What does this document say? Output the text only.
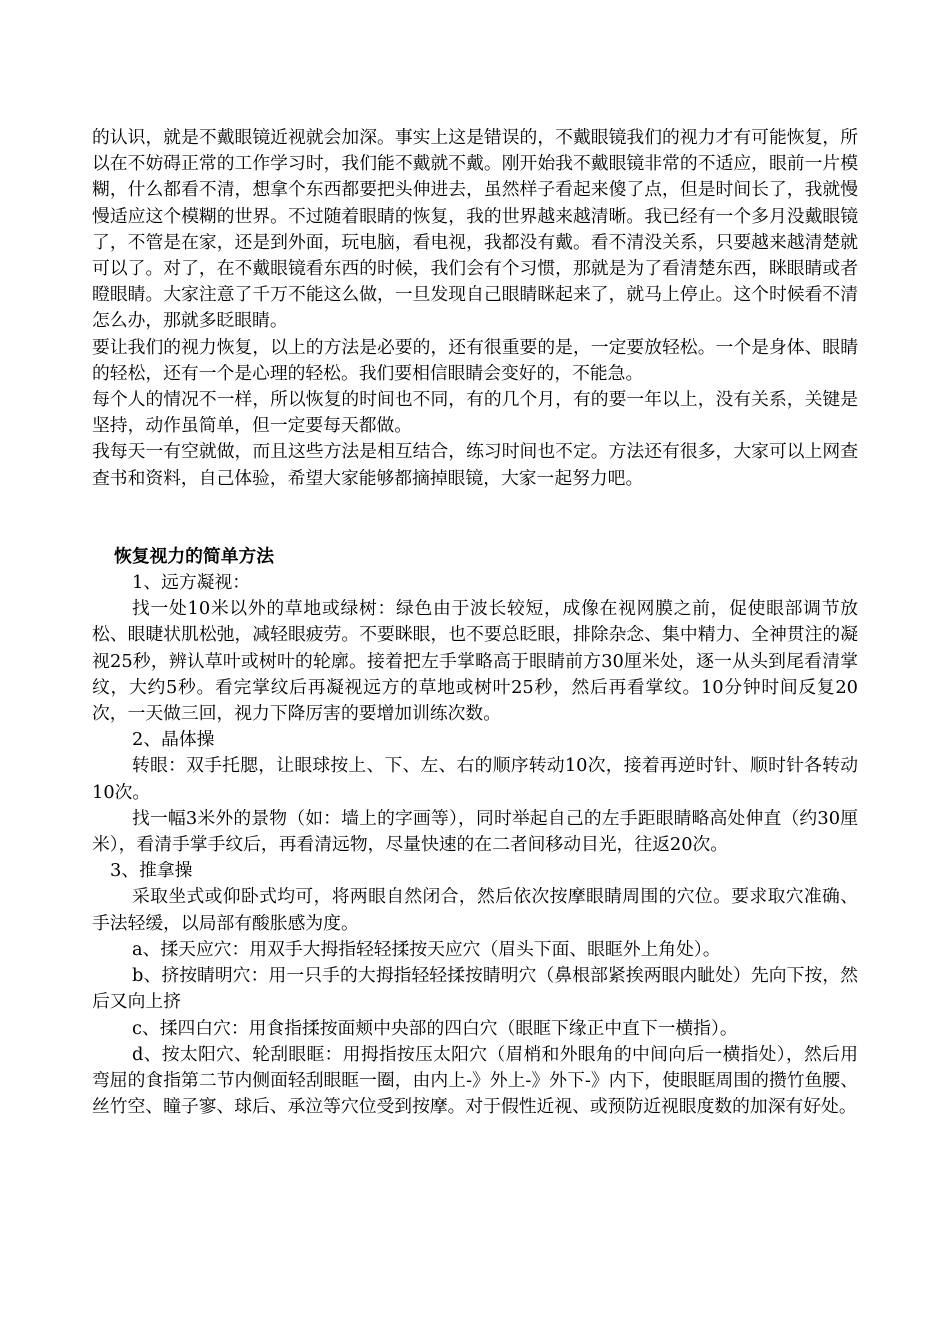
的认识，就是不戴眼镜近视就会加深。事实上这是错误的，不戴眼镜我们的视力才有可能恢复，所以在不妨碍正常的工作学习时，我们能不戴就不戴。刚开始我不戴眼镜非常的不适应，眼前一片模糊，什么都看不清，想拿个东西都要把头伸进去，虽然样子看起来傻了点，但是时间长了，我就慢慢适应这个模糊的世界。不过随着眼睛的恢复，我的世界越来越清晰。我已经有一个多月没戴眼镜了，不管是在家，还是到外面，玩电脑，看电视，我都没有戴。看不清没关系，只要越来越清楚就可以了。对了，在不戴眼镜看东西的时候，我们会有个习惯，那就是为了看清楚东西，眯眼睛或者瞪眼睛。大家注意了千万不能这么做，一旦发现自己眼睛眯起来了，就马上停止。这个时候看不清怎么办，那就多眨眼睛。

要让我们的视力恢复，以上的方法是必要的，还有很重要的是，一定要放轻松。一个是身体、眼睛的轻松，还有一个是心理的轻松。我们要相信眼睛会变好的，不能急。

每个人的情况不一样，所以恢复的时间也不同，有的几个月，有的要一年以上，没有关系，关键是坚持，动作虽简单，但一定要每天都做。

我每天一有空就做，而且这些方法是相互结合，练习时间也不定。方法还有很多，大家可以上网查查书和资料，自己体验，希望大家能够都摘掉眼镜，大家一起努力吧。

恢复视力的简单方法

1、远方凝视：

找一处10米以外的草地或绿树：绿色由于波长较短，成像在视网膜之前，促使眼部调节放松、眼睫状肌松弛，减轻眼疲劳。不要眯眼，也不要总眨眼，排除杂念、集中精力、全神贯注的凝视25秒，辨认草叶或树叶的轮廓。接着把左手掌略高于眼睛前方30厘米处，逐一从头到尾看清掌纹，大约5秒。看完掌纹后再凝视远方的草地或树叶25秒，然后再看掌纹。10分钟时间反复20次，一天做三回，视力下降厉害的要增加训练次数。

2、晶体操

转眼：双手托腮，让眼球按上、下、左、右的顺序转动10次，接着再逆时针、顺时针各转动10次。

找一幅3米外的景物（如：墙上的字画等），同时举起自己的左手距眼睛略高处伸直（约30厘米），看清手掌手纹后，再看清远物，尽量快速的在二者间移动目光，往返20次。

3、推拿操

采取坐式或仰卧式均可，将两眼自然闭合，然后依次按摩眼睛周围的穴位。要求取穴准确、手法轻缓，以局部有酸胀感为度。

a、揉天应穴：用双手大拇指轻轻揉按天应穴（眉头下面、眼眶外上角处）。

b、挤按睛明穴：用一只手的大拇指轻轻揉按睛明穴（鼻根部紧挨两眼内眦处）先向下按，然后又向上挤

c、揉四白穴：用食指揉按面颊中央部的四白穴（眼眶下缘正中直下一横指）。

d、按太阳穴、轮刮眼眶：用拇指按压太阳穴（眉梢和外眼角的中间向后一横指处），然后用弯屈的食指第二节内侧面轻刮眼眶一圈，由内上-》外上-》外下-》内下，使眼眶周围的攒竹鱼腰、丝竹空、瞳子寥、球后、承泣等穴位受到按摩。对于假性近视、或预防近视眼度数的加深有好处。
